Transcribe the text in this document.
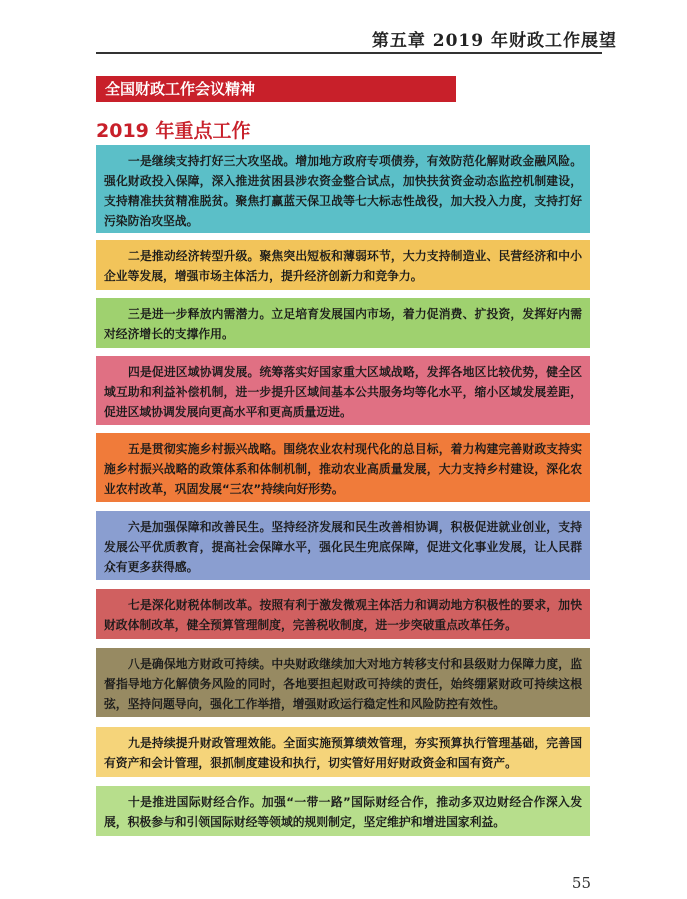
第五章 2019 年财政工作展望
全国财政工作会议精神
2019 年重点工作
一是继续支持打好三大攻坚战。增加地方政府专项债券，有效防范化解财政金融风险。强化财政投入保障，深入推进贫困县涉农资金整合试点，加快扶贫资金动态监控机制建设，支持精准扶贫精准脱贫。聚焦打赢蓝天保卫战等七大标志性战役，加大投入力度，支持打好污染防治攻坚战。
二是推动经济转型升级。聚焦突出短板和薄弱环节，大力支持制造业、民营经济和中小企业等发展，增强市场主体活力，提升经济创新力和竞争力。
三是进一步释放内需潜力。立足培育发展国内市场，着力促消费、扩投资，发挥好内需对经济增长的支撑作用。
四是促进区域协调发展。统筹落实好国家重大区域战略，发挥各地区比较优势，健全区域互助和利益补偿机制，进一步提升区域间基本公共服务均等化水平，缩小区域发展差距，促进区域协调发展向更高水平和更高质量迈进。
五是贯彻实施乡村振兴战略。围绕农业农村现代化的总目标，着力构建完善财政支持实施乡村振兴战略的政策体系和体制机制，推动农业高质量发展，大力支持乡村建设，深化农业农村改革，巩固发展“三农”持续向好形势。
六是加强保障和改善民生。坚持经济发展和民生改善相协调，积极促进就业创业，支持发展公平优质教育，提高社会保障水平，强化民生兜底保障，促进文化事业发展，让人民群众有更多获得感。
七是深化财税体制改革。按照有利于激发微观主体活力和调动地方积极性的要求，加快财政体制改革，健全预算管理制度，完善税收制度，进一步突破重点改革任务。
八是确保地方财政可持续。中央财政继续加大对地方转移支付和县级财力保障力度，监督指导地方化解债务风险的同时，各地要担起财政可持续的责任，始终绷紧财政可持续这根弦，坚持问题导向，强化工作举措，增强财政运行稳定性和风险防控有效性。
九是持续提升财政管理效能。全面实施预算绩效管理，夯实预算执行管理基础，完善国有资产和会计管理，狠抓制度建设和执行，切实管好用好财政资金和国有资产。
十是推进国际财经合作。加强“一带一路”国际财经合作，推动多双边财经合作深入发展，积极参与和引领国际财经等领域的规则制定，坚定维护和增进国家利益。
55
